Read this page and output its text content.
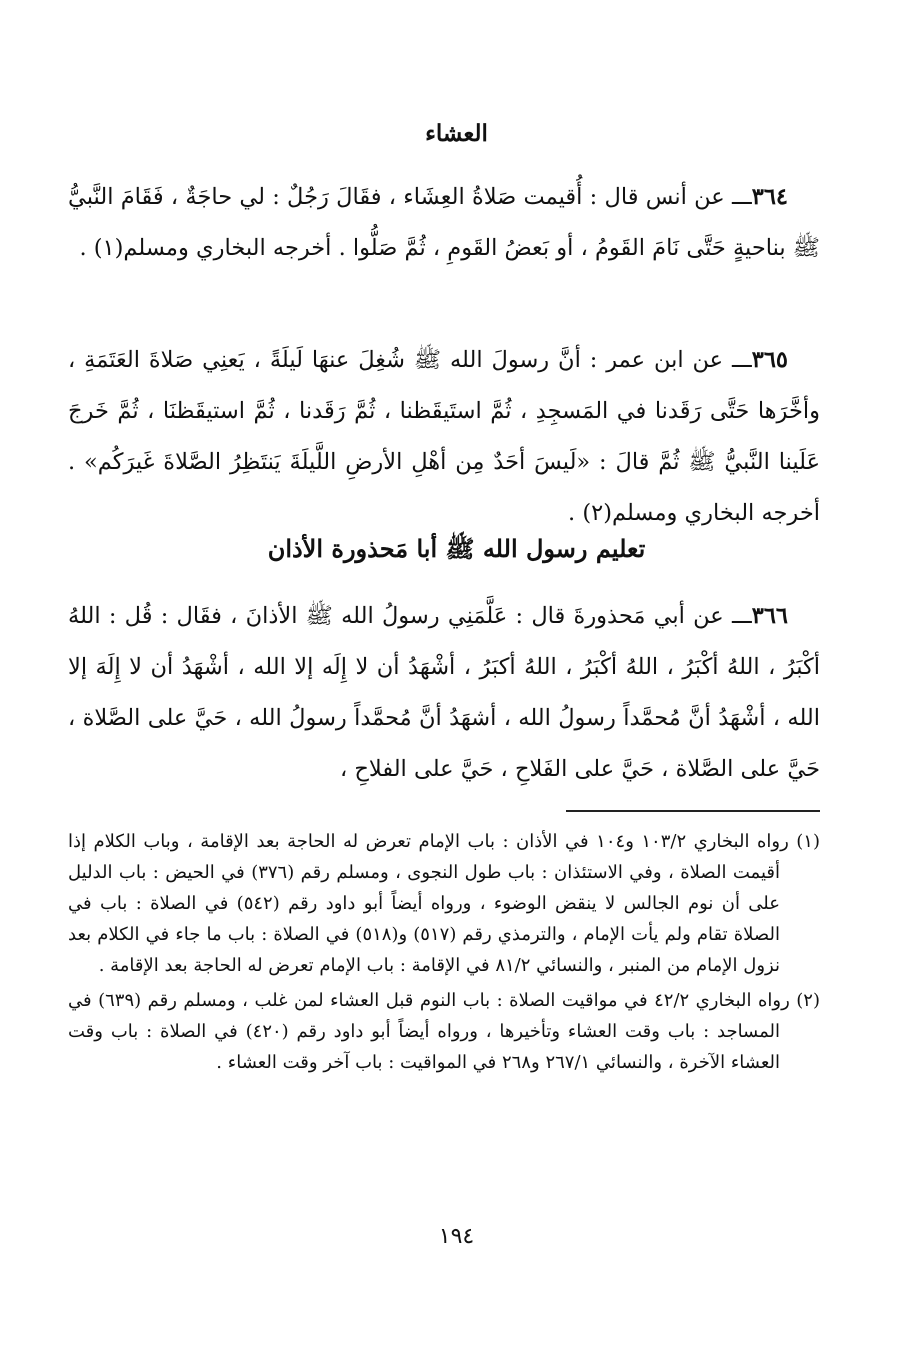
العشاء

٣٦٤ـــ عن أنس قال : أُقيمت صَلاةُ العِشَاء ، فقَالَ رَجُلٌ : لي حاجَةٌ ، فَقَامَ النَّبيُّ ﷺ بناحيةٍ حَتَّى نَامَ القَومُ ، أو بَعضُ القَومِ ، ثُمَّ صَلُّوا . أخرجه البخاري ومسلم(١) .

٣٦٥ـــ عن ابن عمر : أنَّ رسولَ الله ﷺ شُغِلَ عنهَا لَيلَةً ، يَعنِي صَلاةَ العَتَمَةِ ، وأخَّرَها حَتَّى رَقَدنا في المَسجِدِ ، ثُمَّ استَيقَظنا ، ثُمَّ رَقَدنا ، ثُمَّ استيقَظنَا ، ثُمَّ خَرجَ عَلَينا النَّبيُّ ﷺ ثُمَّ قالَ : «لَيسَ أحَدٌ مِن أهْلِ الأرضِ اللَّيلَةَ يَنتَظِرُ الصَّلاةَ غَيرَكُم» . أخرجه البخاري ومسلم(٢) .

تعليم رسول الله ﷺ أبا مَحذورة الأذان

٣٦٦ـــ عن أبي مَحذورةَ قال : عَلَّمَنِي رسولُ الله ﷺ الأذانَ ، فقَال : قُل : اللهُ أكْبَرُ ، اللهُ أكْبَرُ ، اللهُ أكْبَرُ ، اللهُ أكبَرُ ، أشْهَدُ أن لا إِلَه إلا الله ، أشْهَدُ أن لا إِلَهَ إلا الله ، أشْهَدُ أنَّ مُحمَّداً رسولُ الله ، أشهَدُ أنَّ مُحمَّداً رسولُ الله ، حَيَّ على الصَّلاة ، حَيَّ على الصَّلاة ، حَيَّ على الفَلاحِ ، حَيَّ على الفلاحِ ،

(١) رواه البخاري ١٠٣/٢ و١٠٤ في الأذان : باب الإمام تعرض له الحاجة بعد الإقامة ، وباب الكلام إذا أقيمت الصلاة ، وفي الاستئذان : باب طول النجوى ، ومسلم رقم (٣٧٦) في الحيض : باب الدليل على أن نوم الجالس لا ينقض الوضوء ، ورواه أيضاً أبو داود رقم (٥٤٢) في الصلاة : باب في الصلاة تقام ولم يأت الإمام ، والترمذي رقم (٥١٧) و(٥١٨) في الصلاة : باب ما جاء في الكلام بعد نزول الإمام من المنبر ، والنسائي ٨١/٢ في الإقامة : باب الإمام تعرض له الحاجة بعد الإقامة .

(٢) رواه البخاري ٤٢/٢ في مواقيت الصلاة : باب النوم قبل العشاء لمن غلب ، ومسلم رقم (٦٣٩) في المساجد : باب وقت العشاء وتأخيرها ، ورواه أيضاً أبو داود رقم (٤٢٠) في الصلاة : باب وقت العشاء الآخرة ، والنسائي ٢٦٧/١ و٢٦٨ في المواقيت : باب آخر وقت العشاء .

١٩٤
